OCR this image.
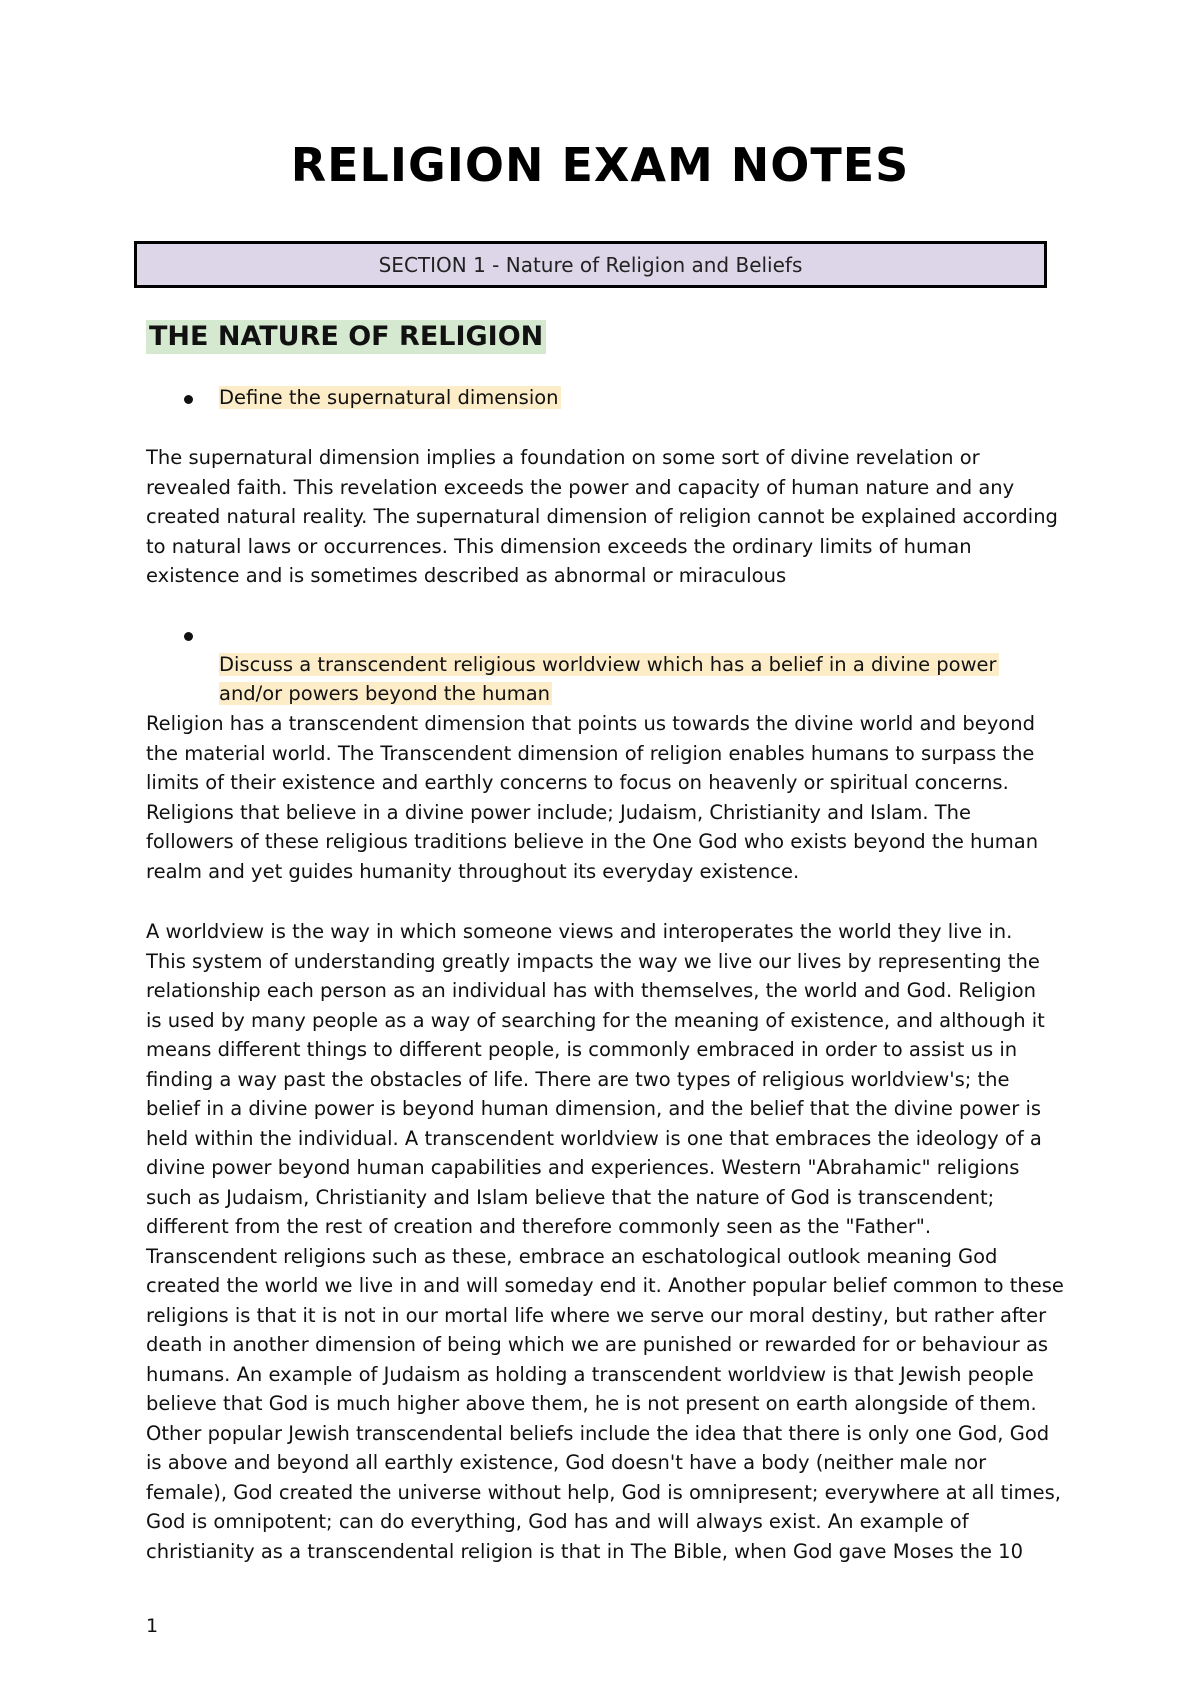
RELIGION EXAM NOTES
SECTION 1 - Nature of Religion and Beliefs
THE NATURE OF RELIGION
Define the supernatural dimension

The supernatural dimension implies a foundation on some sort of divine revelation or
revealed faith. This revelation exceeds the power and capacity of human nature and any
created natural reality. The supernatural dimension of religion cannot be explained according
to natural laws or occurrences. This dimension exceeds the ordinary limits of human
existence and is sometimes described as abnormal or miraculous

Discuss a transcendent religious worldview which has a belief in a divine power
and/or powers beyond the human

Religion has a transcendent dimension that points us towards the divine world and beyond
the material world. The Transcendent dimension of religion enables humans to surpass the
limits of their existence and earthly concerns to focus on heavenly or spiritual concerns.
Religions that believe in a divine power include; Judaism, Christianity and Islam. The
followers of these religious traditions believe in the One God who exists beyond the human
realm and yet guides humanity throughout its everyday existence.

A worldview is the way in which someone views and interoperates the world they live in.
This system of understanding greatly impacts the way we live our lives by representing the
relationship each person as an individual has with themselves, the world and God. Religion
is used by many people as a way of searching for the meaning of existence, and although it
means different things to different people, is commonly embraced in order to assist us in
finding a way past the obstacles of life. There are two types of religious worldview's; the
belief in a divine power is beyond human dimension, and the belief that the divine power is
held within the individual. A transcendent worldview is one that embraces the ideology of a
divine power beyond human capabilities and experiences. Western "Abrahamic" religions
such as Judaism, Christianity and Islam believe that the nature of God is transcendent;
different from the rest of creation and therefore commonly seen as the "Father".
Transcendent religions such as these, embrace an eschatological outlook meaning God
created the world we live in and will someday end it. Another popular belief common to these
religions is that it is not in our mortal life where we serve our moral destiny, but rather after
death in another dimension of being which we are punished or rewarded for or behaviour as
humans. An example of Judaism as holding a transcendent worldview is that Jewish people
believe that God is much higher above them, he is not present on earth alongside of them.
Other popular Jewish transcendental beliefs include the idea that there is only one God, God
is above and beyond all earthly existence, God doesn't have a body (neither male nor
female), God created the universe without help, God is omnipresent; everywhere at all times,
God is omnipotent; can do everything, God has and will always exist. An example of
christianity as a transcendental religion is that in The Bible, when God gave Moses the 10

1
